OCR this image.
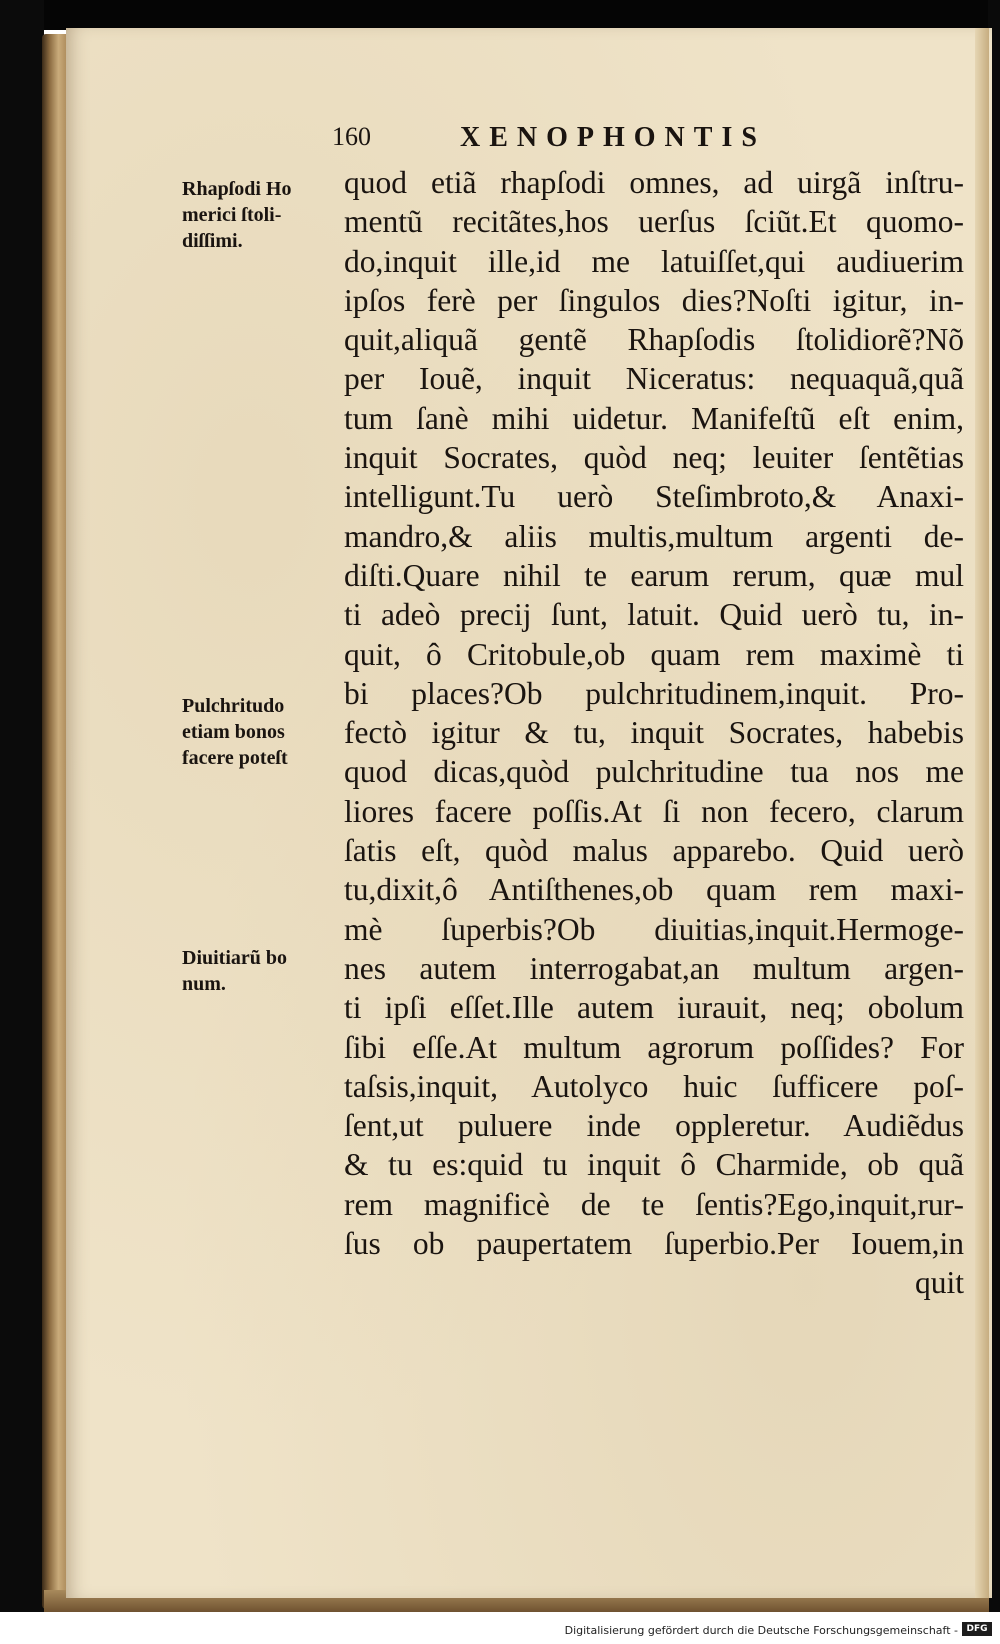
160	XENOPHONTIS
Rhapſodi Ho
merici ſtoli-
diſſimi.
Pulchritudo
etiam bonos
facere poteſt
Diuitiarũ bo
num.
quod etiã rhapſodi omnes, ad uirgã inſtru-
mentũ recitãtes,hos uerſus ſciũt.Et quomo-
do,inquit ille,id me latuiſſet,qui audiuerim
ipſos ferè per ſingulos dies?Noſti igitur, in-
quit,aliquã gentẽ Rhapſodis ſtolidiorẽ?Nõ
per Iouẽ, inquit Niceratus: nequaquã,quã
tum ſanè mihi uidetur. Manifeſtũ eſt enim,
inquit Socrates, quòd neq; leuiter ſentẽtias
intelligunt.Tu uerò Steſimbroto,& Anaxi-
mandro,& aliis multis,multum argenti de-
diſti.Quare nihil te earum rerum, quæ mul
ti adeò precij ſunt, latuit. Quid uerò tu, in-
quit, ô Critobule,ob quam rem maximè ti
bi places?Ob pulchritudinem,inquit. Pro-
fectò igitur & tu, inquit Socrates, habebis
quod dicas,quòd pulchritudine tua nos me
liores facere poſſis.At ſi non fecero, clarum
ſatis eſt, quòd malus apparebo. Quid uerò
tu,dixit,ô Antiſthenes,ob quam rem maxi-
mè ſuperbis?Ob diuitias,inquit.Hermoge-
nes autem interrogabat,an multum argen-
ti ipſi eſſet.Ille autem iurauit, neq; obolum
ſibi eſſe.At multum agrorum poſſides? For
taſsis,inquit, Autolyco huic ſufficere poſ-
ſent,ut puluere inde oppleretur. Audiẽdus
& tu es:quid tu inquit ô Charmide, ob quã
rem magnificè de te ſentis?Ego,inquit,rur-
ſus ob paupertatem ſuperbio.Per Iouem,in
quit
Digitalisierung gefördert durch die Deutsche Forschungsgemeinschaft - DFG
